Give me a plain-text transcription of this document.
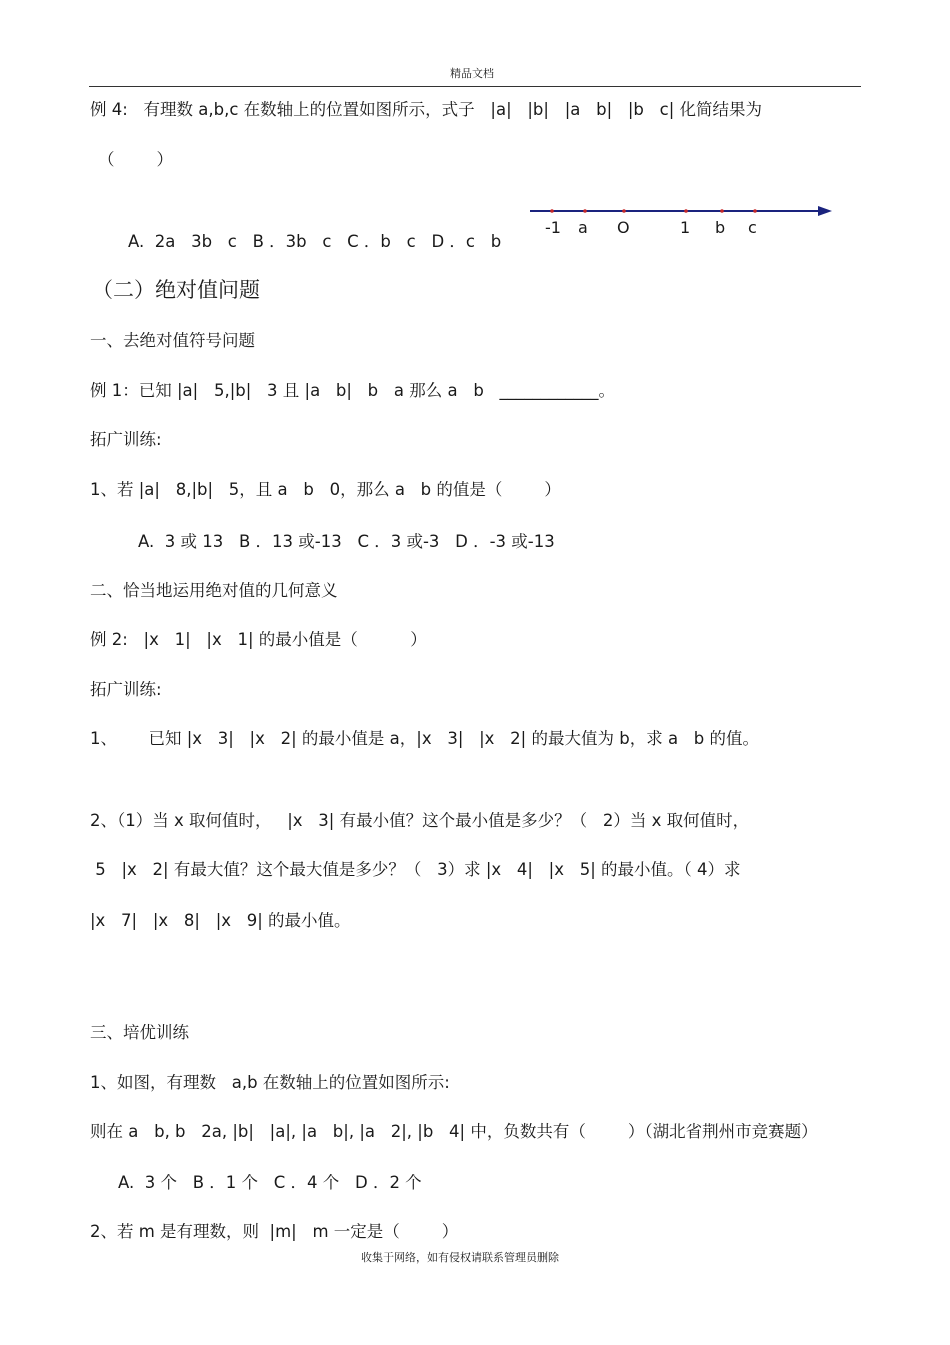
精品文档
例 4:   有理数 a,b,c 在数轴上的位置如图所示，式子   |a|   |b|   |a   b|   |b   c| 化简结果为
（        ）
-1 a O	1 b c
A.  2a   3b   c   B ．3b   c   C ．b   c   D ．c   b
（二）绝对值问题
一、去绝对值符号问题
例 1：已知 |a|   5,|b|   3 且 |a   b|   b   a 那么 a   b   ____________。
拓广训练:
1、若 |a|   8,|b|   5，且 a   b   0，那么 a   b 的值是（        ）
A.  3 或 13   B ．13 或-13   C ．3 或-3   D ．-3 或-13
二、恰当地运用绝对值的几何意义
例 2:   |x   1|   |x   1| 的最小值是（          ）
拓广训练:
1、      已知 |x   3|   |x   2| 的最小值是 a，|x   3|   |x   2| 的最大值为 b，求 a   b 的值。
2、（1）当 x 取何值时，   |x   3| 有最小值？这个最小值是多少？（   2）当 x 取何值时，
5   |x   2| 有最大值？这个最大值是多少？（   3）求 |x   4|   |x   5| 的最小值。（ 4）求
|x   7|   |x   8|   |x   9| 的最小值。
三、培优训练
1、如图，有理数   a,b 在数轴上的位置如图所示:
则在 a   b, b   2a, |b|   |a|, |a   b|, |a   2|, |b   4| 中，负数共有（        ）（湖北省荆州市竞赛题）
A.  3 个   B ．1 个   C ．4 个   D ．2 个
2、若 m 是有理数，则  |m|   m 一定是（        ）
收集于网络，如有侵权请联系管理员删除
